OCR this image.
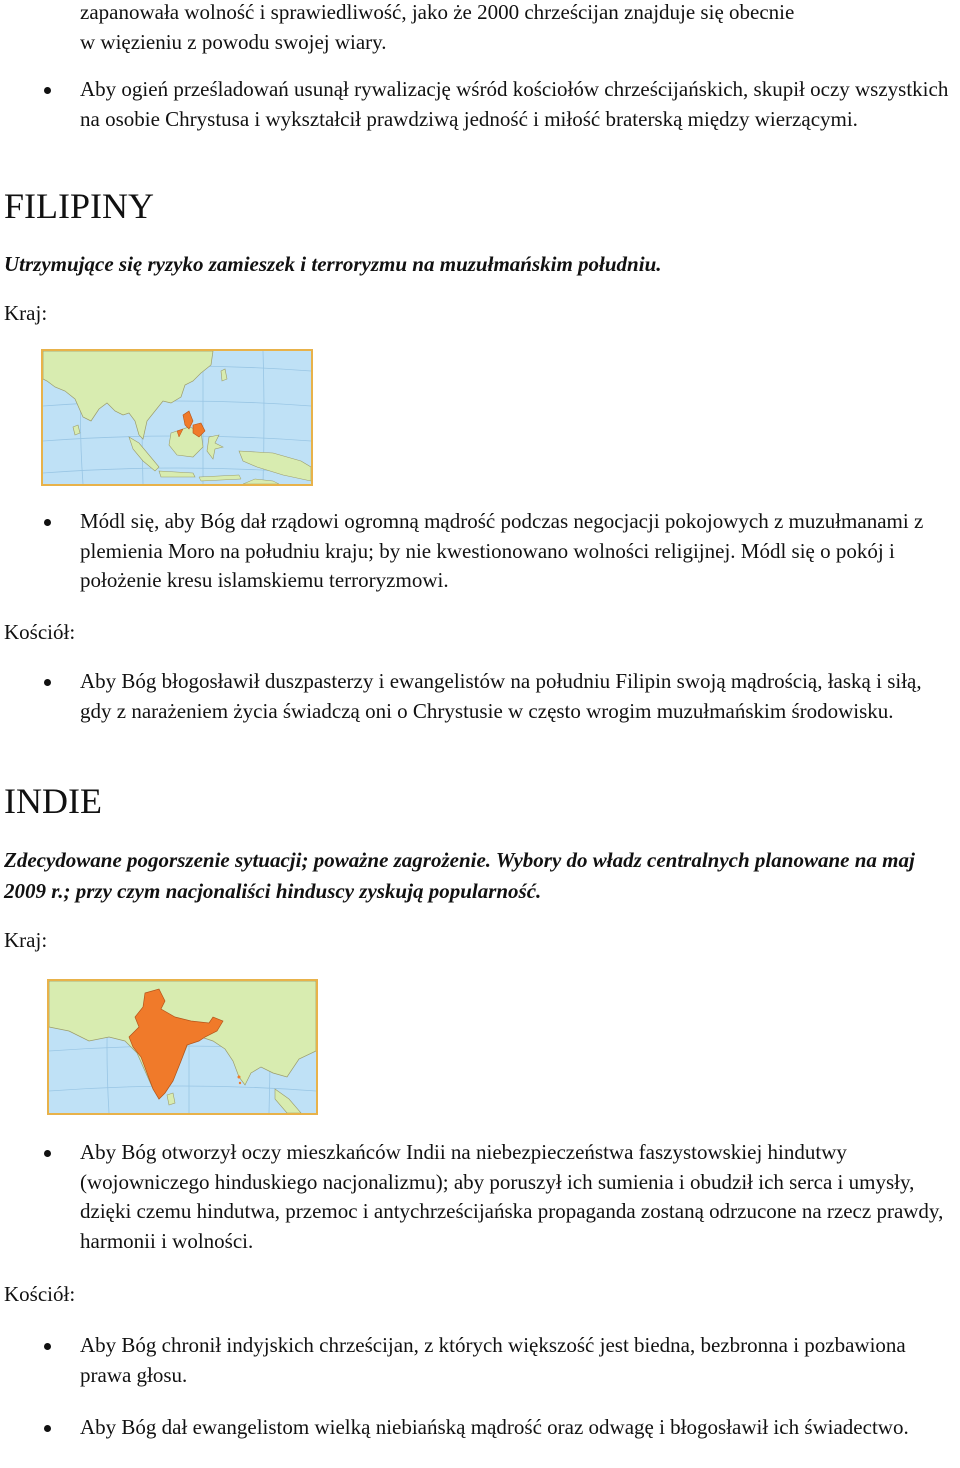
zapanowała wolność i sprawiedliwość, jako że 2000 chrześcijan znajduje się obecnie
w więzieniu z powodu swojej wiary.

Aby ogień prześladowań usunął rywalizację wśród kościołów chrześcijańskich, skupił oczy wszystkich na osobie Chrystusa i wykształcił prawdziwą jedność i miłość braterską między wierzącymi.

FILIPINY

Utrzymujące się ryzyko zamieszek i terroryzmu na muzułmańskim południu.

Kraj:

Módl się, aby Bóg dał rządowi ogromną mądrość podczas negocjacji pokojowych z muzułmanami z plemienia Moro na południu kraju; by nie kwestionowano wolności religijnej. Módl się o pokój i położenie kresu islamskiemu terroryzmowi.

Kościół:

Aby Bóg błogosławił duszpasterzy i ewangelistów na południu Filipin swoją mądrością, łaską i siłą, gdy z narażeniem życia świadczą oni o Chrystusie w często wrogim muzułmańskim środowisku.

INDIE

Zdecydowane pogorszenie sytuacji; poważne zagrożenie. Wybory do władz centralnych planowane na maj 2009 r.; przy czym nacjonaliści hinduscy zyskują popularność.

Kraj:

Aby Bóg otworzył oczy mieszkańców Indii na niebezpieczeństwa faszystowskiej hindutwy (wojowniczego hinduskiego nacjonalizmu); aby poruszył ich sumienia i obudził ich serca i umysły, dzięki czemu hindutwa, przemoc i antychrześcijańska propaganda zostaną odrzucone na rzecz prawdy, harmonii i wolności.

Kościół:

Aby Bóg chronił indyjskich chrześcijan, z których większość jest biedna, bezbronna i pozbawiona prawa głosu.

Aby Bóg dał ewangelistom wielką niebiańską mądrość oraz odwagę i błogosławił ich świadectwo.
